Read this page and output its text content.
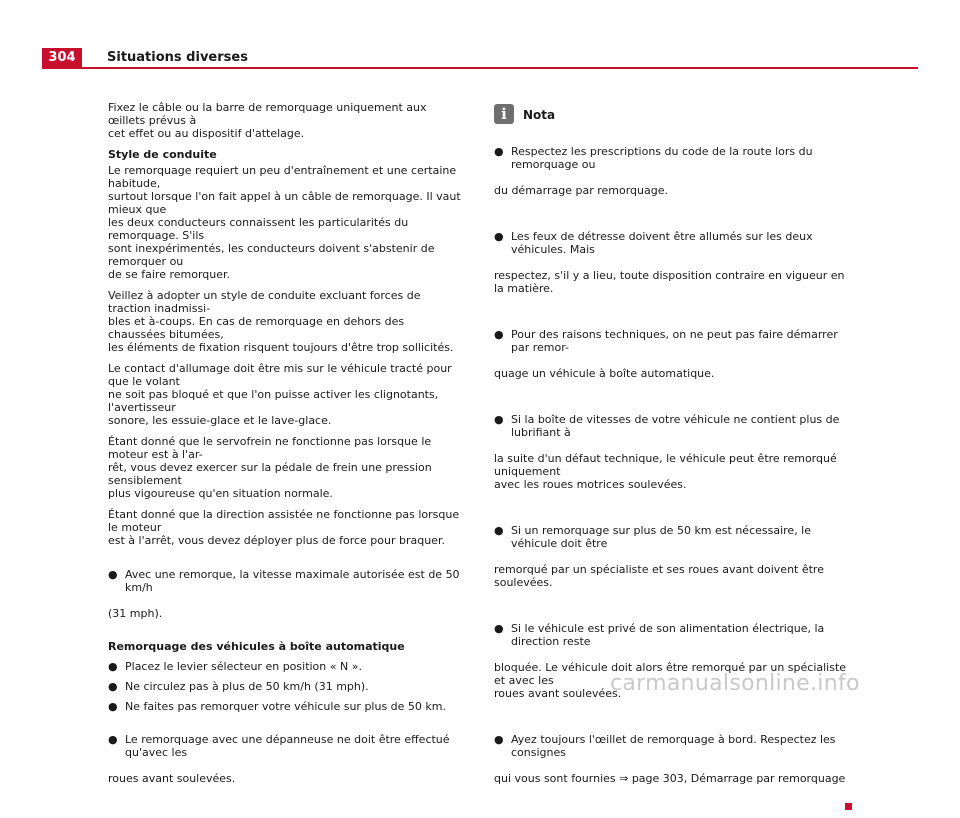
304	Situations diverses

Fixez le câble ou la barre de remorquage uniquement aux œillets prévus à
cet effet ou au dispositif d'attelage.

Style de conduite

Le remorquage requiert un peu d'entraînement et une certaine habitude,
surtout lorsque l'on fait appel à un câble de remorquage. Il vaut mieux que
les deux conducteurs connaissent les particularités du remorquage. S'ils
sont inexpérimentés, les conducteurs doivent s'abstenir de remorquer ou
de se faire remorquer.

Veillez à adopter un style de conduite excluant forces de traction inadmissi-
bles et à-coups. En cas de remorquage en dehors des chaussées bitumées,
les éléments de fixation risquent toujours d'être trop sollicités.

Le contact d'allumage doit être mis sur le véhicule tracté pour que le volant
ne soit pas bloqué et que l'on puisse activer les clignotants, l'avertisseur
sonore, les essuie-glace et le lave-glace.

Étant donné que le servofrein ne fonctionne pas lorsque le moteur est à l'ar-
rêt, vous devez exercer sur la pédale de frein une pression sensiblement
plus vigoureuse qu'en situation normale.

Étant donné que la direction assistée ne fonctionne pas lorsque le moteur
est à l'arrêt, vous devez déployer plus de force pour braquer.

● Avec une remorque, la vitesse maximale autorisée est de 50 km/h

(31 mph).

Remorquage des véhicules à boîte automatique

● Placez le levier sélecteur en position « N ».
● Ne circulez pas à plus de 50 km/h (31 mph).
● Ne faites pas remorquer votre véhicule sur plus de 50 km.

● Le remorquage avec une dépanneuse ne doit être effectué qu'avec les

roues avant soulevées.

i	Nota

● Respectez les prescriptions du code de la route lors du remorquage ou

du démarrage par remorquage.

● Les feux de détresse doivent être allumés sur les deux véhicules. Mais

respectez, s'il y a lieu, toute disposition contraire en vigueur en la matière.

● Pour des raisons techniques, on ne peut pas faire démarrer par remor-

quage un véhicule à boîte automatique.

● Si la boîte de vitesses de votre véhicule ne contient plus de lubrifiant à

la suite d'un défaut technique, le véhicule peut être remorqué uniquement
avec les roues motrices soulevées.

● Si un remorquage sur plus de 50 km est nécessaire, le véhicule doit être

remorqué par un spécialiste et ses roues avant doivent être soulevées.

● Si le véhicule est privé de son alimentation électrique, la direction reste

bloquée. Le véhicule doit alors être remorqué par un spécialiste et avec les
roues avant soulevées.

● Ayez toujours l'œillet de remorquage à bord. Respectez les consignes

qui vous sont fournies ⇒ page 303, Démarrage par remorquage

carmanualsonline.info
